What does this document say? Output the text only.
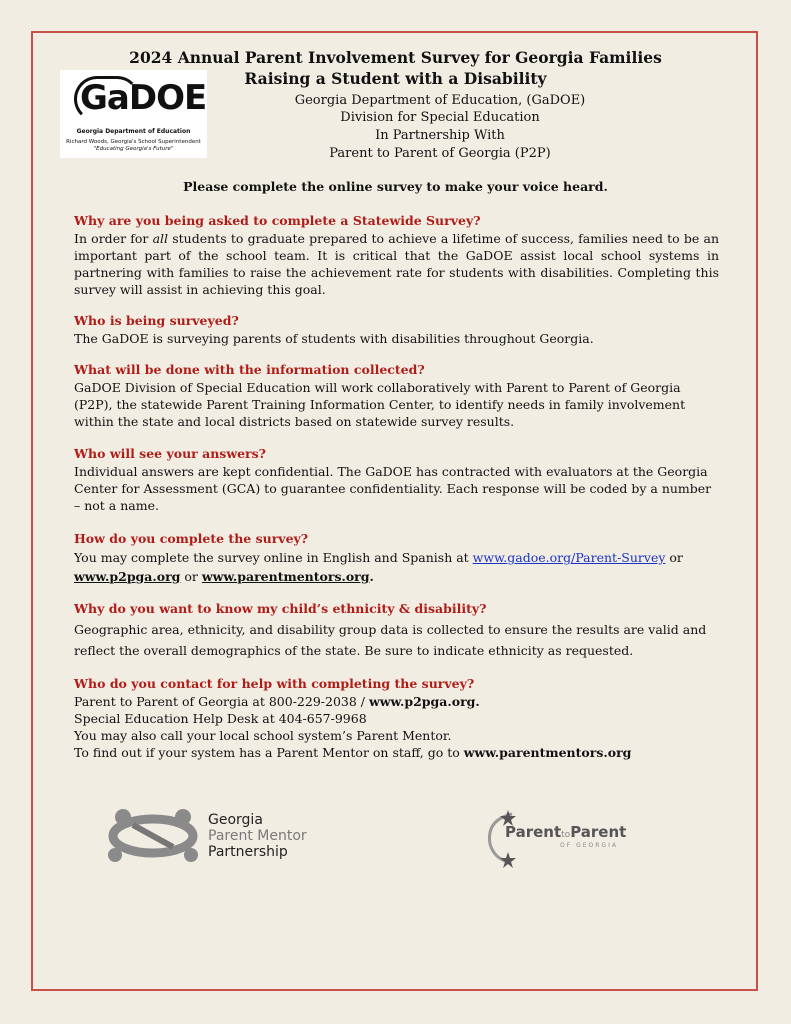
2024 Annual Parent Involvement Survey for Georgia Families
Raising a Student with a Disability
GaDOE
Georgia Department of Education
Richard Woods, Georgia's School Superintendent
"Educating Georgia's Future"
Georgia Department of Education, (GaDOE)
Division for Special Education
In Partnership With
Parent to Parent of Georgia (P2P)
Please complete the online survey to make your voice heard.
Why are you being asked to complete a Statewide Survey?
In order for all students to graduate prepared to achieve a lifetime of success, families need to be an important part of the school team. It is critical that the GaDOE assist local school systems in partnering with families to raise the achievement rate for students with disabilities. Completing this survey will assist in achieving this goal.
Who is being surveyed?
The GaDOE is surveying parents of students with disabilities throughout Georgia.
What will be done with the information collected?
GaDOE Division of Special Education will work collaboratively with Parent to Parent of Georgia (P2P), the statewide Parent Training Information Center, to identify needs in family involvement within the state and local districts based on statewide survey results.
Who will see your answers?
Individual answers are kept confidential. The GaDOE has contracted with evaluators at the Georgia Center for Assessment (GCA) to guarantee confidentiality. Each response will be coded by a number – not a name.
How do you complete the survey?
You may complete the survey online in English and Spanish at www.gadoe.org/Parent-Survey or
www.p2pga.org or www.parentmentors.org.
Why do you want to know my child’s ethnicity & disability?
Geographic area, ethnicity, and disability group data is collected to ensure the results are valid and reflect the overall demographics of the state. Be sure to indicate ethnicity as requested.
Who do you contact for help with completing the survey?
Parent to Parent of Georgia at 800-229-2038 / www.p2pga.org.
Special Education Help Desk at 404-657-9968
You may also call your local school system’s Parent Mentor.
To find out if your system has a Parent Mentor on staff, go to www.parentmentors.org
Georgia
Parent Mentor
Partnership
ParenttoParent
OF GEORGIA
